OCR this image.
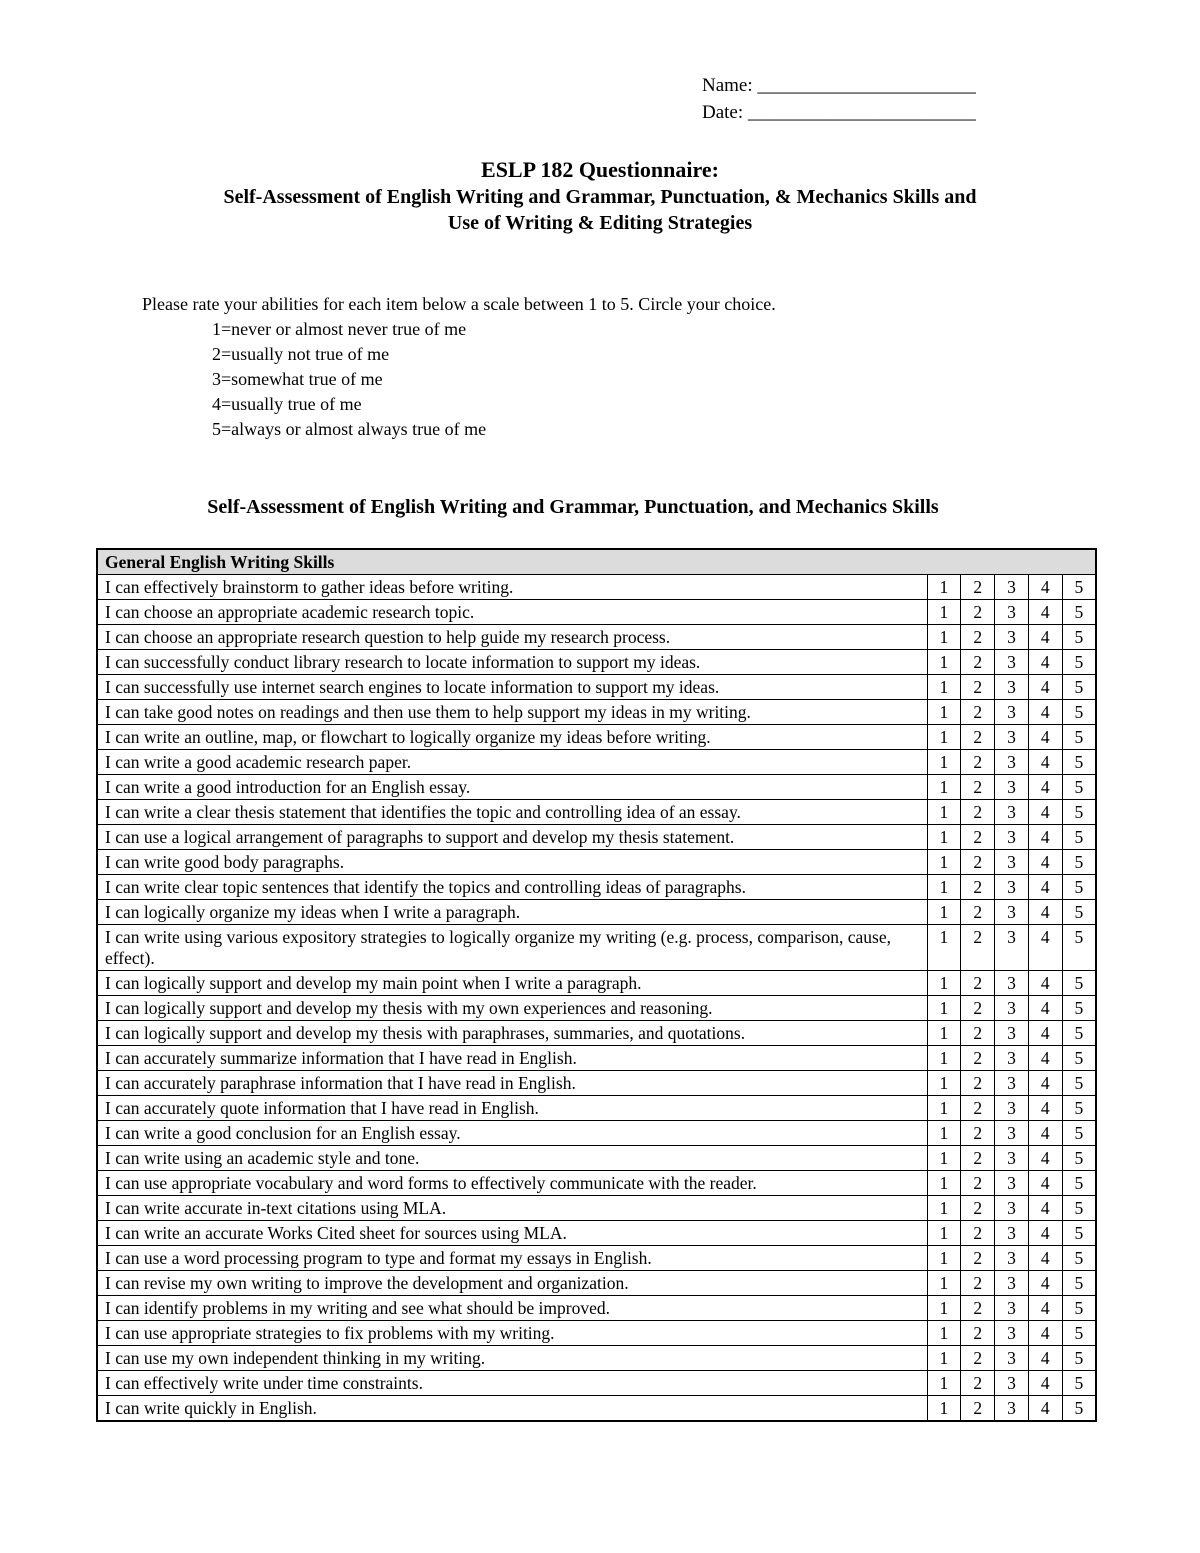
Name: _______________________
Date: ________________________
ESLP 182 Questionnaire:
Self-Assessment of English Writing and Grammar, Punctuation, & Mechanics Skills and
Use of Writing & Editing Strategies
Please rate your abilities for each item below a scale between 1 to 5. Circle your choice.
1=never or almost never true of me
2=usually not true of me
3=somewhat true of me
4=usually true of me
5=always or almost always true of me
Self-Assessment of English Writing and Grammar, Punctuation, and Mechanics Skills
General English Writing Skills					
I can effectively brainstorm to gather ideas before writing.	1	2	3	4	5
I can choose an appropriate academic research topic.	1	2	3	4	5
I can choose an appropriate research question to help guide my research process.	1	2	3	4	5
I can successfully conduct library research to locate information to support my ideas.	1	2	3	4	5
I can successfully use internet search engines to locate information to support my ideas.	1	2	3	4	5
I can take good notes on readings and then use them to help support my ideas in my writing.	1	2	3	4	5
I can write an outline, map, or flowchart to logically organize my ideas before writing.	1	2	3	4	5
I can write a good academic research paper.	1	2	3	4	5
I can write a good introduction for an English essay.	1	2	3	4	5
I can write a clear thesis statement that identifies the topic and controlling idea of an essay.	1	2	3	4	5
I can use a logical arrangement of paragraphs to support and develop my thesis statement.	1	2	3	4	5
I can write good body paragraphs.	1	2	3	4	5
I can write clear topic sentences that identify the topics and controlling ideas of paragraphs.	1	2	3	4	5
I can logically organize my ideas when I write a paragraph.	1	2	3	4	5
I can write using various expository strategies to logically organize my writing (e.g. process, comparison, cause, effect).	1	2	3	4	5
I can logically support and develop my main point when I write a paragraph.	1	2	3	4	5
I can logically support and develop my thesis with my own experiences and reasoning.	1	2	3	4	5
I can logically support and develop my thesis with paraphrases, summaries, and quotations.	1	2	3	4	5
I can accurately summarize information that I have read in English.	1	2	3	4	5
I can accurately paraphrase information that I have read in English.	1	2	3	4	5
I can accurately quote information that I have read in English.	1	2	3	4	5
I can write a good conclusion for an English essay.	1	2	3	4	5
I can write using an academic style and tone.	1	2	3	4	5
I can use appropriate vocabulary and word forms to effectively communicate with the reader.	1	2	3	4	5
I can write accurate in-text citations using MLA.	1	2	3	4	5
I can write an accurate Works Cited sheet for sources using MLA.	1	2	3	4	5
I can use a word processing program to type and format my essays in English.	1	2	3	4	5
I can revise my own writing to improve the development and organization.	1	2	3	4	5
I can identify problems in my writing and see what should be improved.	1	2	3	4	5
I can use appropriate strategies to fix problems with my writing.	1	2	3	4	5
I can use my own independent thinking in my writing.	1	2	3	4	5
I can effectively write under time constraints.	1	2	3	4	5
I can write quickly in English.	1	2	3	4	5
